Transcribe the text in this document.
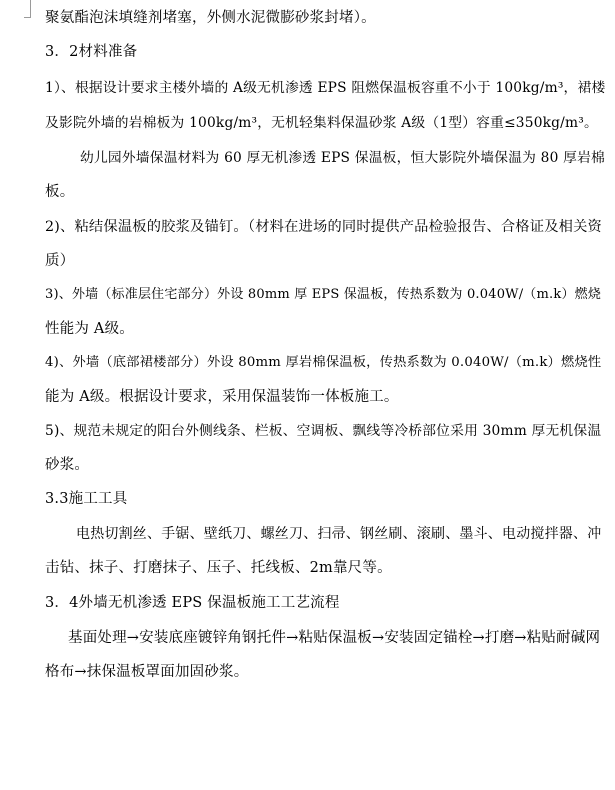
聚氨酯泡沫填缝剂堵塞，外侧水泥微膨砂浆封堵）。
3．2材料准备
1）、根据设计要求主楼外墙的 A级无机渗透 EPS 阻燃保温板容重不小于 100kg/m³，裙楼
及影院外墙的岩棉板为 100kg/m³，无机轻集料保温砂浆 A级（1型）容重≤350kg/m³。
幼儿园外墙保温材料为 60 厚无机渗透 EPS 保温板，恒大影院外墙保温为 80 厚岩棉
板。
2)、粘结保温板的胶浆及锚钉。（材料在进场的同时提供产品检验报告、合格证及相关资
质）
3)、外墙（标准层住宅部分）外设 80mm 厚 EPS 保温板，传热系数为 0.040W/（m.k）燃烧
性能为 A级。
4)、外墙（底部裙楼部分）外设 80mm 厚岩棉保温板，传热系数为 0.040W/（m.k）燃烧性
能为 A级。根据设计要求，采用保温装饰一体板施工。
5)、规范未规定的阳台外侧线条、栏板、空调板、飘线等冷桥部位采用 30mm 厚无机保温
砂浆。
3.3施工工具
电热切割丝、手锯、壁纸刀、螺丝刀、扫帚、钢丝刷、滚刷、墨斗、电动搅拌器、冲
击钻、抹子、打磨抹子、压子、托线板、2m靠尺等。
3．4外墙无机渗透 EPS 保温板施工工艺流程
基面处理→安装底座镀锌角钢托件→粘贴保温板→安装固定锚栓→打磨→粘贴耐碱网
格布→抹保温板罩面加固砂浆。
